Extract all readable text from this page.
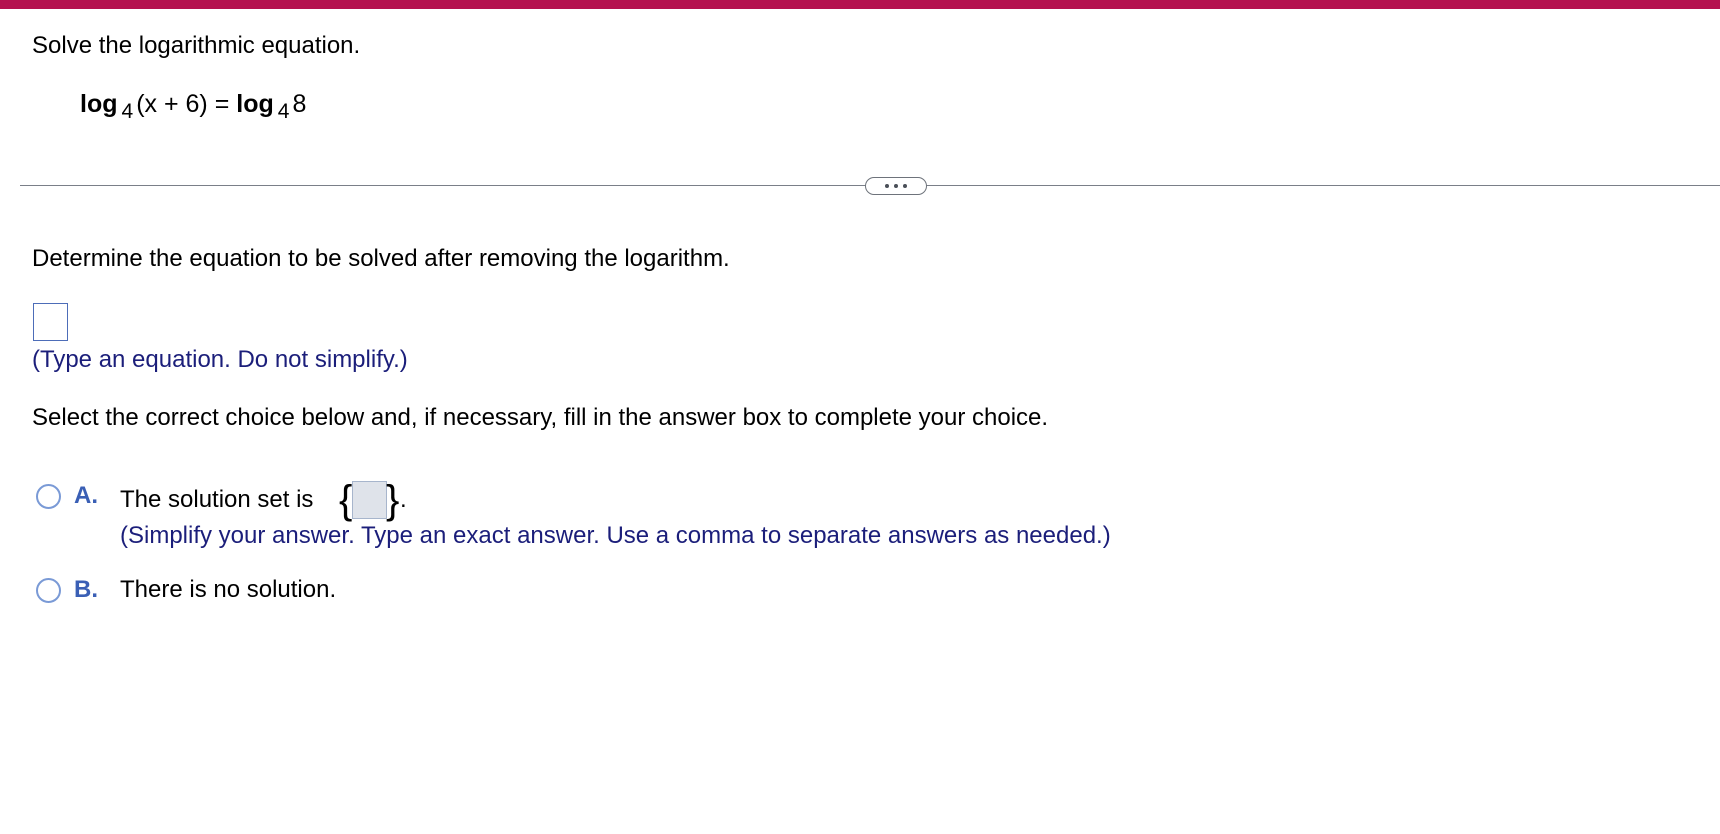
Solve the logarithmic equation.
log $_4$ (x + 6) = log $_4$ 8
Determine the equation to be solved after removing the logarithm.
(Type an equation. Do not simplify.)
Select the correct choice below and, if necessary, fill in the answer box to complete your choice.
A. The solution set is { } .
(Simplify your answer. Type an exact answer. Use a comma to separate answers as needed.)
B. There is no solution.
